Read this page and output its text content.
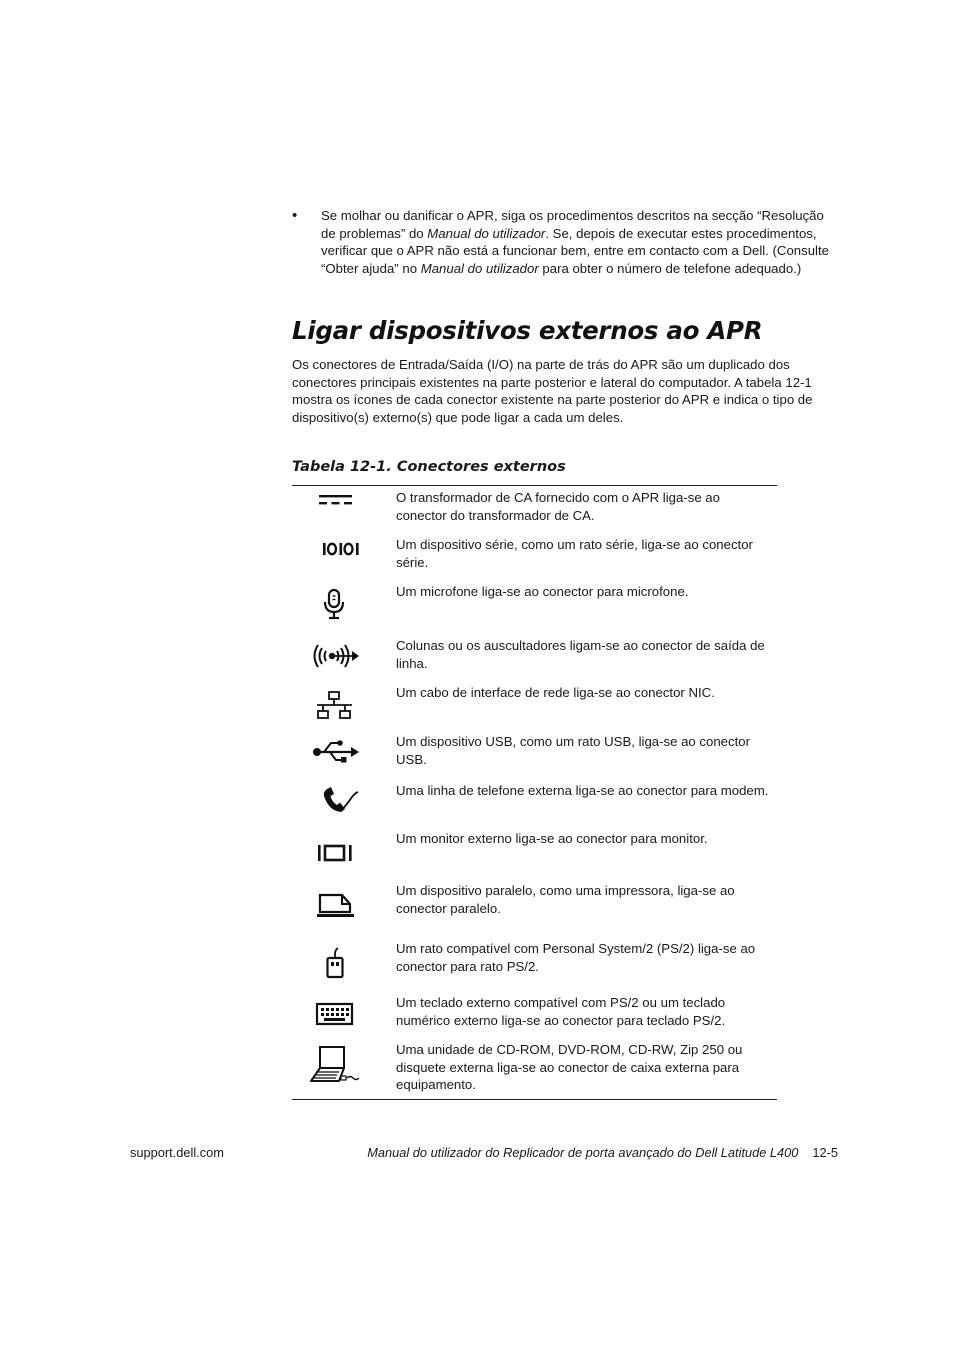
• Se molhar ou danificar o APR, siga os procedimentos descritos na secção “Resolução de problemas” do Manual do utilizador. Se, depois de executar estes procedimentos, verificar que o APR não está a funcionar bem, entre em contacto com a Dell. (Consulte “Obter ajuda” no Manual do utilizador para obter o número de telefone adequado.)

Ligar dispositivos externos ao APR

Os conectores de Entrada/Saída (I/O) na parte de trás do APR são um duplicado dos conectores principais existentes na parte posterior e lateral do computador. A tabela 12-1 mostra os ícones de cada conector existente na parte posterior do APR e indica o tipo de dispositivo(s) externo(s) que pode ligar a cada um deles.

Tabela 12-1. Conectores externos

O transformador de CA fornecido com o APR liga-se ao conector do transformador de CA.

Um dispositivo série, como um rato série, liga-se ao conector série.

Um microfone liga-se ao conector para microfone.

Colunas ou os auscultadores ligam-se ao conector de saída de linha.

Um cabo de interface de rede liga-se ao conector NIC.

Um dispositivo USB, como um rato USB, liga-se ao conector USB.

Uma linha de telefone externa liga-se ao conector para modem.

Um monitor externo liga-se ao conector para monitor.

Um dispositivo paralelo, como uma impressora, liga-se ao conector paralelo.

Um rato compatível com Personal System/2 (PS/2) liga-se ao conector para rato PS/2.

Um teclado externo compatível com PS/2 ou um teclado numérico externo liga-se ao conector para teclado PS/2.

Uma unidade de CD-ROM, DVD-ROM, CD-RW, Zip 250 ou disquete externa liga-se ao conector de caixa externa para equipamento.

support.dell.com	Manual do utilizador do Replicador de porta avançado do Dell Latitude L400 12-5
